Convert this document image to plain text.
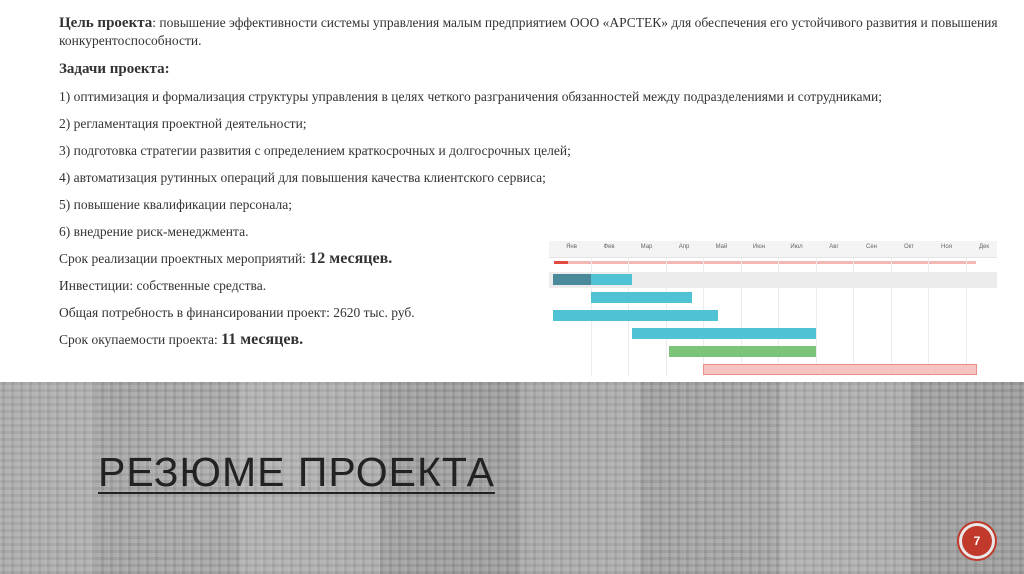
Цель проекта: повышение эффективности системы управления малым предприятием ООО «АРСТЕК» для обеспечения его устойчивого развития и повышения конкурентоспособности.

Задачи проекта:

1) оптимизация и формализация структуры управления в целях четкого разграничения обязанностей между подразделениями и сотрудниками;

2) регламентация проектной деятельности;

3) подготовка стратегии развития с определением краткосрочных и долгосрочных целей;

4) автоматизация рутинных операций для повышения качества клиентского сервиса;

5) повышение квалификации персонала;

6) внедрение риск-менеджмента.

Срок реализации проектных мероприятий: 12 месяцев.

Инвестиции: собственные средства.

Общая потребность в финансировании проект: 2620 тыс. руб.

Срок окупаемости проекта: 11 месяцев.

Янв	Фев	Мар	Апр	Май	Июн	Июл	Авг	Сен	Окт	Ноя	Дек
РЕЗЮМЕ ПРОЕКТА
7
